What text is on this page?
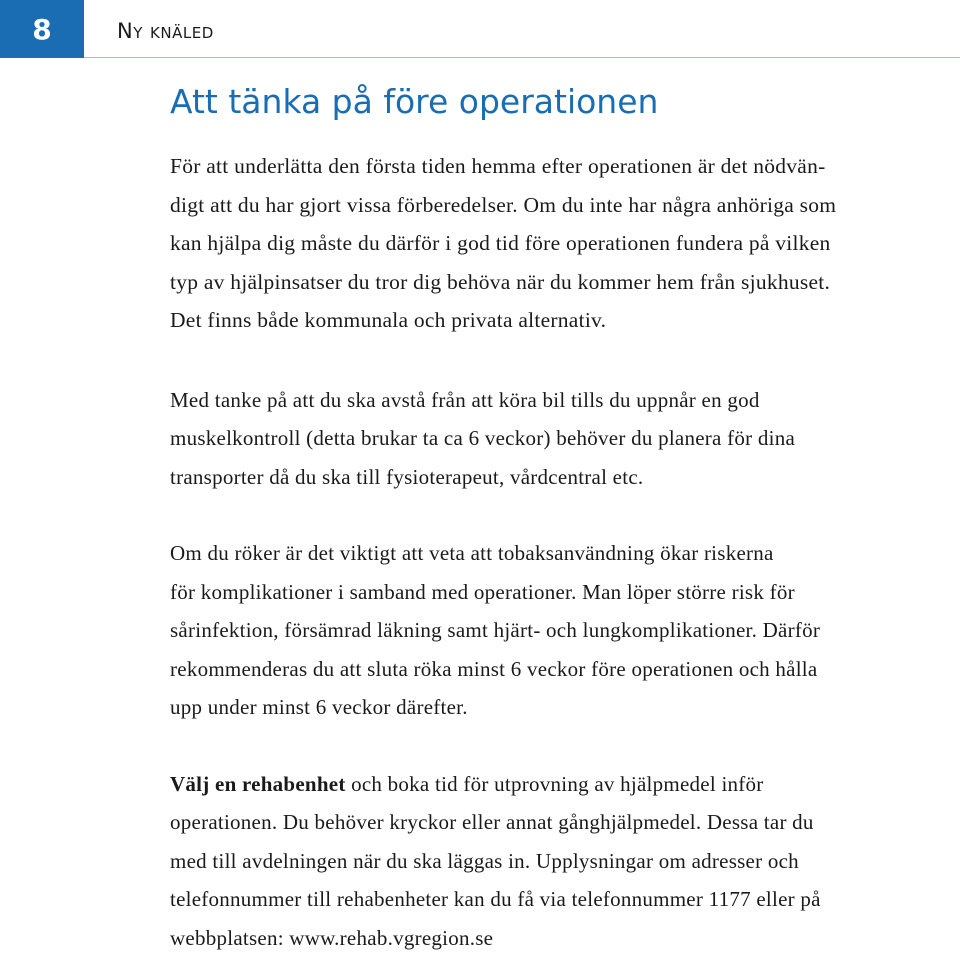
8	Ny knäled
Att tänka på före operationen

För att underlätta den första tiden hemma efter operationen är det nödvän-
digt att du har gjort vissa förberedelser. Om du inte har några anhöriga som
kan hjälpa dig måste du därför i god tid före operationen fundera på vilken
typ av hjälpinsatser du tror dig behöva när du kommer hem från sjukhuset.
Det finns både kommunala och privata alternativ.

Med tanke på att du ska avstå från att köra bil tills du uppnår en god
muskelkontroll (detta brukar ta ca 6 veckor) behöver du planera för dina
transporter då du ska till fysioterapeut, vårdcentral etc.

Om du röker är det viktigt att veta att tobaksanvändning ökar riskerna
för komplikationer i samband med operationer. Man löper större risk för
sårinfektion, försämrad läkning samt hjärt- och lungkomplikationer. Därför
rekommenderas du att sluta röka minst 6 veckor före operationen och hålla
upp under minst 6 veckor därefter.

Välj en rehabenhet och boka tid för utprovning av hjälpmedel inför
operationen. Du behöver kryckor eller annat gånghjälpmedel. Dessa tar du
med till avdelningen när du ska läggas in. Upplysningar om adresser och
telefonnummer till rehabenheter kan du få via telefonnummer 1177 eller på
webbplatsen: www.rehab.vgregion.se
